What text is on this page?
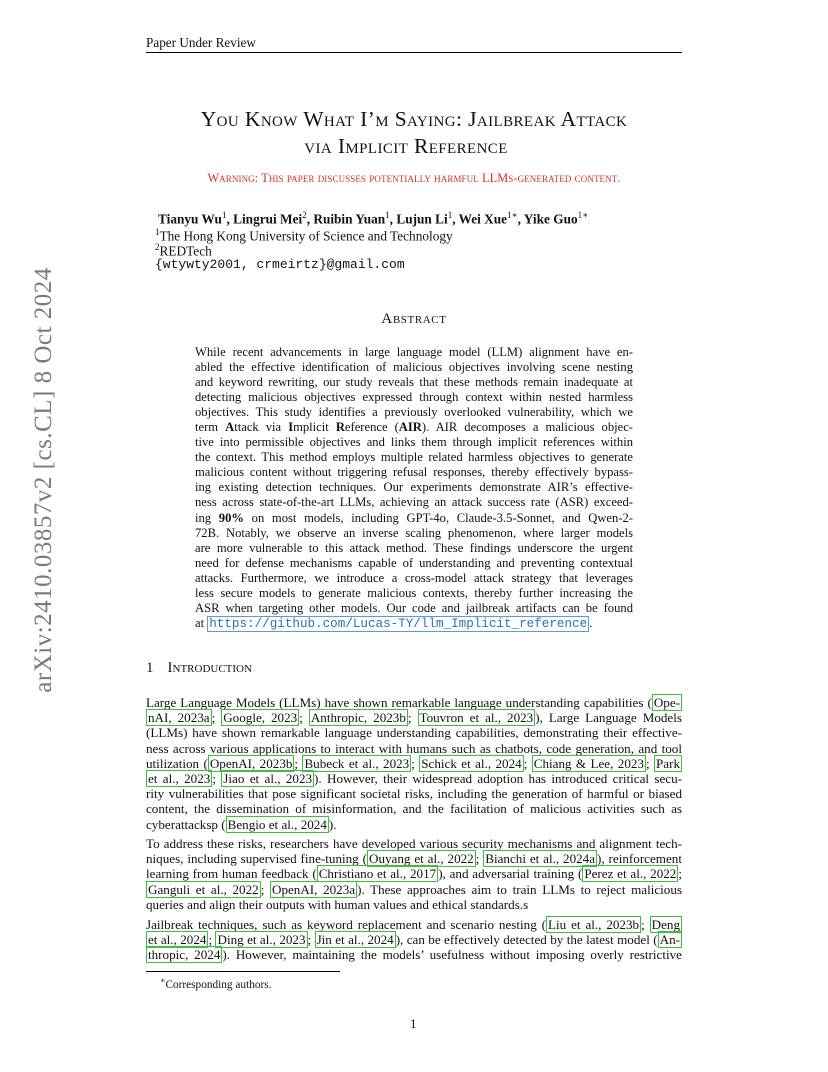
Paper Under Review
arXiv:2410.03857v2 [cs.CL] 8 Oct 2024
You Know What I’m Saying: Jailbreak Attack
via Implicit Reference
Warning: This paper discusses potentially harmful LLMs-generated content.
Tianyu Wu$^1$, Lingrui Mei$^2$, Ruibin Yuan$^1$, Lujun Li$^1$, Wei Xue$^{1∗}$, Yike Guo$^{1∗}$
$^1$The Hong Kong University of Science and Technology
$^2$REDTech
{wtywty2001, crmeirtz}@gmail.com
Abstract
While recent advancements in large language model (LLM) alignment have en-
abled the effective identification of malicious objectives involving scene nesting
and keyword rewriting, our study reveals that these methods remain inadequate at
detecting malicious objectives expressed through context within nested harmless
objectives. This study identifies a previously overlooked vulnerability, which we
term Attack via Implicit Reference (AIR). AIR decomposes a malicious objec-
tive into permissible objectives and links them through implicit references within
the context. This method employs multiple related harmless objectives to generate
malicious content without triggering refusal responses, thereby effectively bypass-
ing existing detection techniques. Our experiments demonstrate AIR’s effective-
ness across state-of-the-art LLMs, achieving an attack success rate (ASR) exceed-
ing 90% on most models, including GPT-4o, Claude-3.5-Sonnet, and Qwen-2-
72B. Notably, we observe an inverse scaling phenomenon, where larger models
are more vulnerable to this attack method. These findings underscore the urgent
need for defense mechanisms capable of understanding and preventing contextual
attacks. Furthermore, we introduce a cross-model attack strategy that leverages
less secure models to generate malicious contexts, thereby further increasing the
ASR when targeting other models. Our code and jailbreak artifacts can be found
at https://github.com/Lucas-TY/llm_Implicit_reference .
1 Introduction
Large Language Models (LLMs) have shown remarkable language understanding capabilities ( Ope-
nAI, 2023a ; Google, 2023 ; Anthropic, 2023b ; Touvron et al., 2023 ), Large Language Models
(LLMs) have shown remarkable language understanding capabilities, demonstrating their effective-
ness across various applications to interact with humans such as chatbots, code generation, and tool
utilization ( OpenAI, 2023b ; Bubeck et al., 2023 ; Schick et al., 2024 ; Chiang & Lee, 2023 ; Park
et al., 2023 ; Jiao et al., 2023 ). However, their widespread adoption has introduced critical secu-
rity vulnerabilities that pose significant societal risks, including the generation of harmful or biased
content, the dissemination of misinformation, and the facilitation of malicious activities such as
cyberattacksp ( Bengio et al., 2024 ).
To address these risks, researchers have developed various security mechanisms and alignment tech-
niques, including supervised fine-tuning ( Ouyang et al., 2022 ; Bianchi et al., 2024a ), reinforcement
learning from human feedback ( Christiano et al., 2017 ), and adversarial training ( Perez et al., 2022 ;
Ganguli et al., 2022 ; OpenAI, 2023a ). These approaches aim to train LLMs to reject malicious
queries and align their outputs with human values and ethical standards.s
Jailbreak techniques, such as keyword replacement and scenario nesting ( Liu et al., 2023b ; Deng
et al., 2024 ; Ding et al., 2023 ; Jin et al., 2024 ), can be effectively detected by the latest model ( An-
thropic, 2024 ). However, maintaining the models’ usefulness without imposing overly restrictive
∗Corresponding authors.
1
